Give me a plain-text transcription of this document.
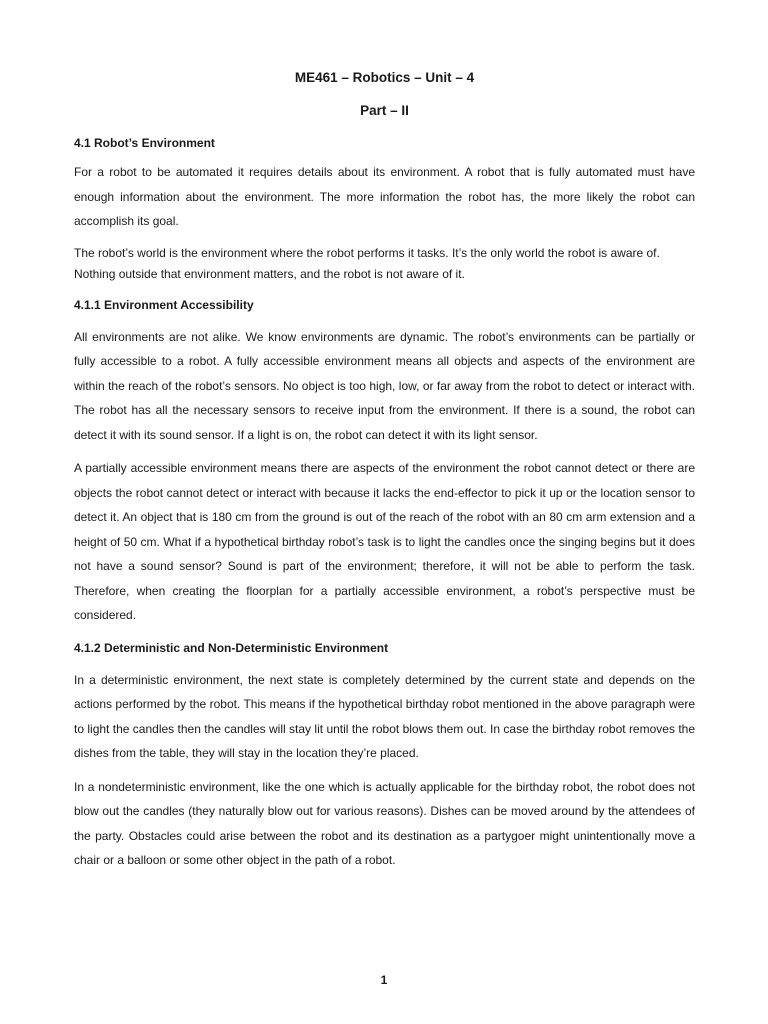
ME461 – Robotics – Unit – 4

Part – II

4.1 Robot’s Environment

For a robot to be automated it requires details about its environment. A robot that is fully automated must have enough information about the environment. The more information the robot has, the more likely the robot can accomplish its goal.

The robot’s world is the environment where the robot performs it tasks. It’s the only world the robot is aware of. Nothing outside that environment matters, and the robot is not aware of it.

4.1.1 Environment Accessibility

All environments are not alike. We know environments are dynamic. The robot’s environments can be partially or fully accessible to a robot. A fully accessible environment means all objects and aspects of the environment are within the reach of the robot’s sensors. No object is too high, low, or far away from the robot to detect or interact with. The robot has all the necessary sensors to receive input from the environment. If there is a sound, the robot can detect it with its sound sensor. If a light is on, the robot can detect it with its light sensor.

A partially accessible environment means there are aspects of the environment the robot cannot detect or there are objects the robot cannot detect or interact with because it lacks the end-effector to pick it up or the location sensor to detect it. An object that is 180 cm from the ground is out of the reach of the robot with an 80 cm arm extension and a height of 50 cm. What if a hypothetical birthday robot’s task is to light the candles once the singing begins but it does not have a sound sensor? Sound is part of the environment; therefore, it will not be able to perform the task. Therefore, when creating the floorplan for a partially accessible environment, a robot’s perspective must be considered.

4.1.2 Deterministic and Non-Deterministic Environment

In a deterministic environment, the next state is completely determined by the current state and depends on the actions performed by the robot. This means if the hypothetical birthday robot mentioned in the above paragraph were to light the candles then the candles will stay lit until the robot blows them out. In case the birthday robot removes the dishes from the table, they will stay in the location they’re placed.

In a nondeterministic environment, like the one which is actually applicable for the birthday robot, the robot does not blow out the candles (they naturally blow out for various reasons). Dishes can be moved around by the attendees of the party. Obstacles could arise between the robot and its destination as a partygoer might unintentionally move a chair or a balloon or some other object in the path of a robot.

1
